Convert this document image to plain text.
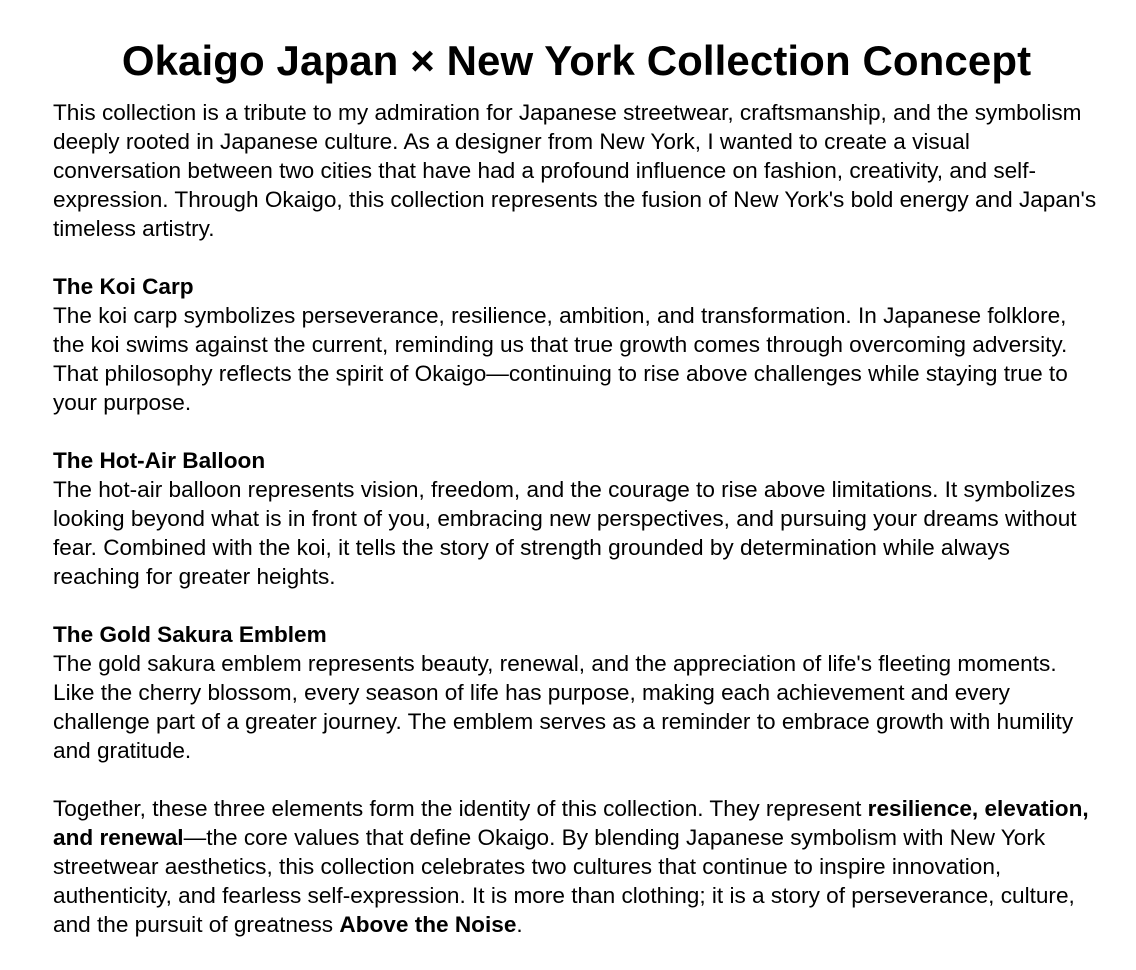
Okaigo Japan × New York Collection Concept

This collection is a tribute to my admiration for Japanese streetwear, craftsmanship, and the symbolism deeply rooted in Japanese culture. As a designer from New York, I wanted to create a visual conversation between two cities that have had a profound influence on fashion, creativity, and self-expression. Through Okaigo, this collection represents the fusion of New York's bold energy and Japan's timeless artistry.

The Koi Carp

The koi carp symbolizes perseverance, resilience, ambition, and transformation. In Japanese folklore, the koi swims against the current, reminding us that true growth comes through overcoming adversity. That philosophy reflects the spirit of Okaigo—continuing to rise above challenges while staying true to your purpose.

The Hot-Air Balloon

The hot-air balloon represents vision, freedom, and the courage to rise above limitations. It symbolizes looking beyond what is in front of you, embracing new perspectives, and pursuing your dreams without fear. Combined with the koi, it tells the story of strength grounded by determination while always reaching for greater heights.

The Gold Sakura Emblem

The gold sakura emblem represents beauty, renewal, and the appreciation of life's fleeting moments. Like the cherry blossom, every season of life has purpose, making each achievement and every challenge part of a greater journey. The emblem serves as a reminder to embrace growth with humility and gratitude.

Together, these three elements form the identity of this collection. They represent resilience, elevation, and renewal—the core values that define Okaigo. By blending Japanese symbolism with New York streetwear aesthetics, this collection celebrates two cultures that continue to inspire innovation, authenticity, and fearless self-expression. It is more than clothing; it is a story of perseverance, culture, and the pursuit of greatness Above the Noise.
